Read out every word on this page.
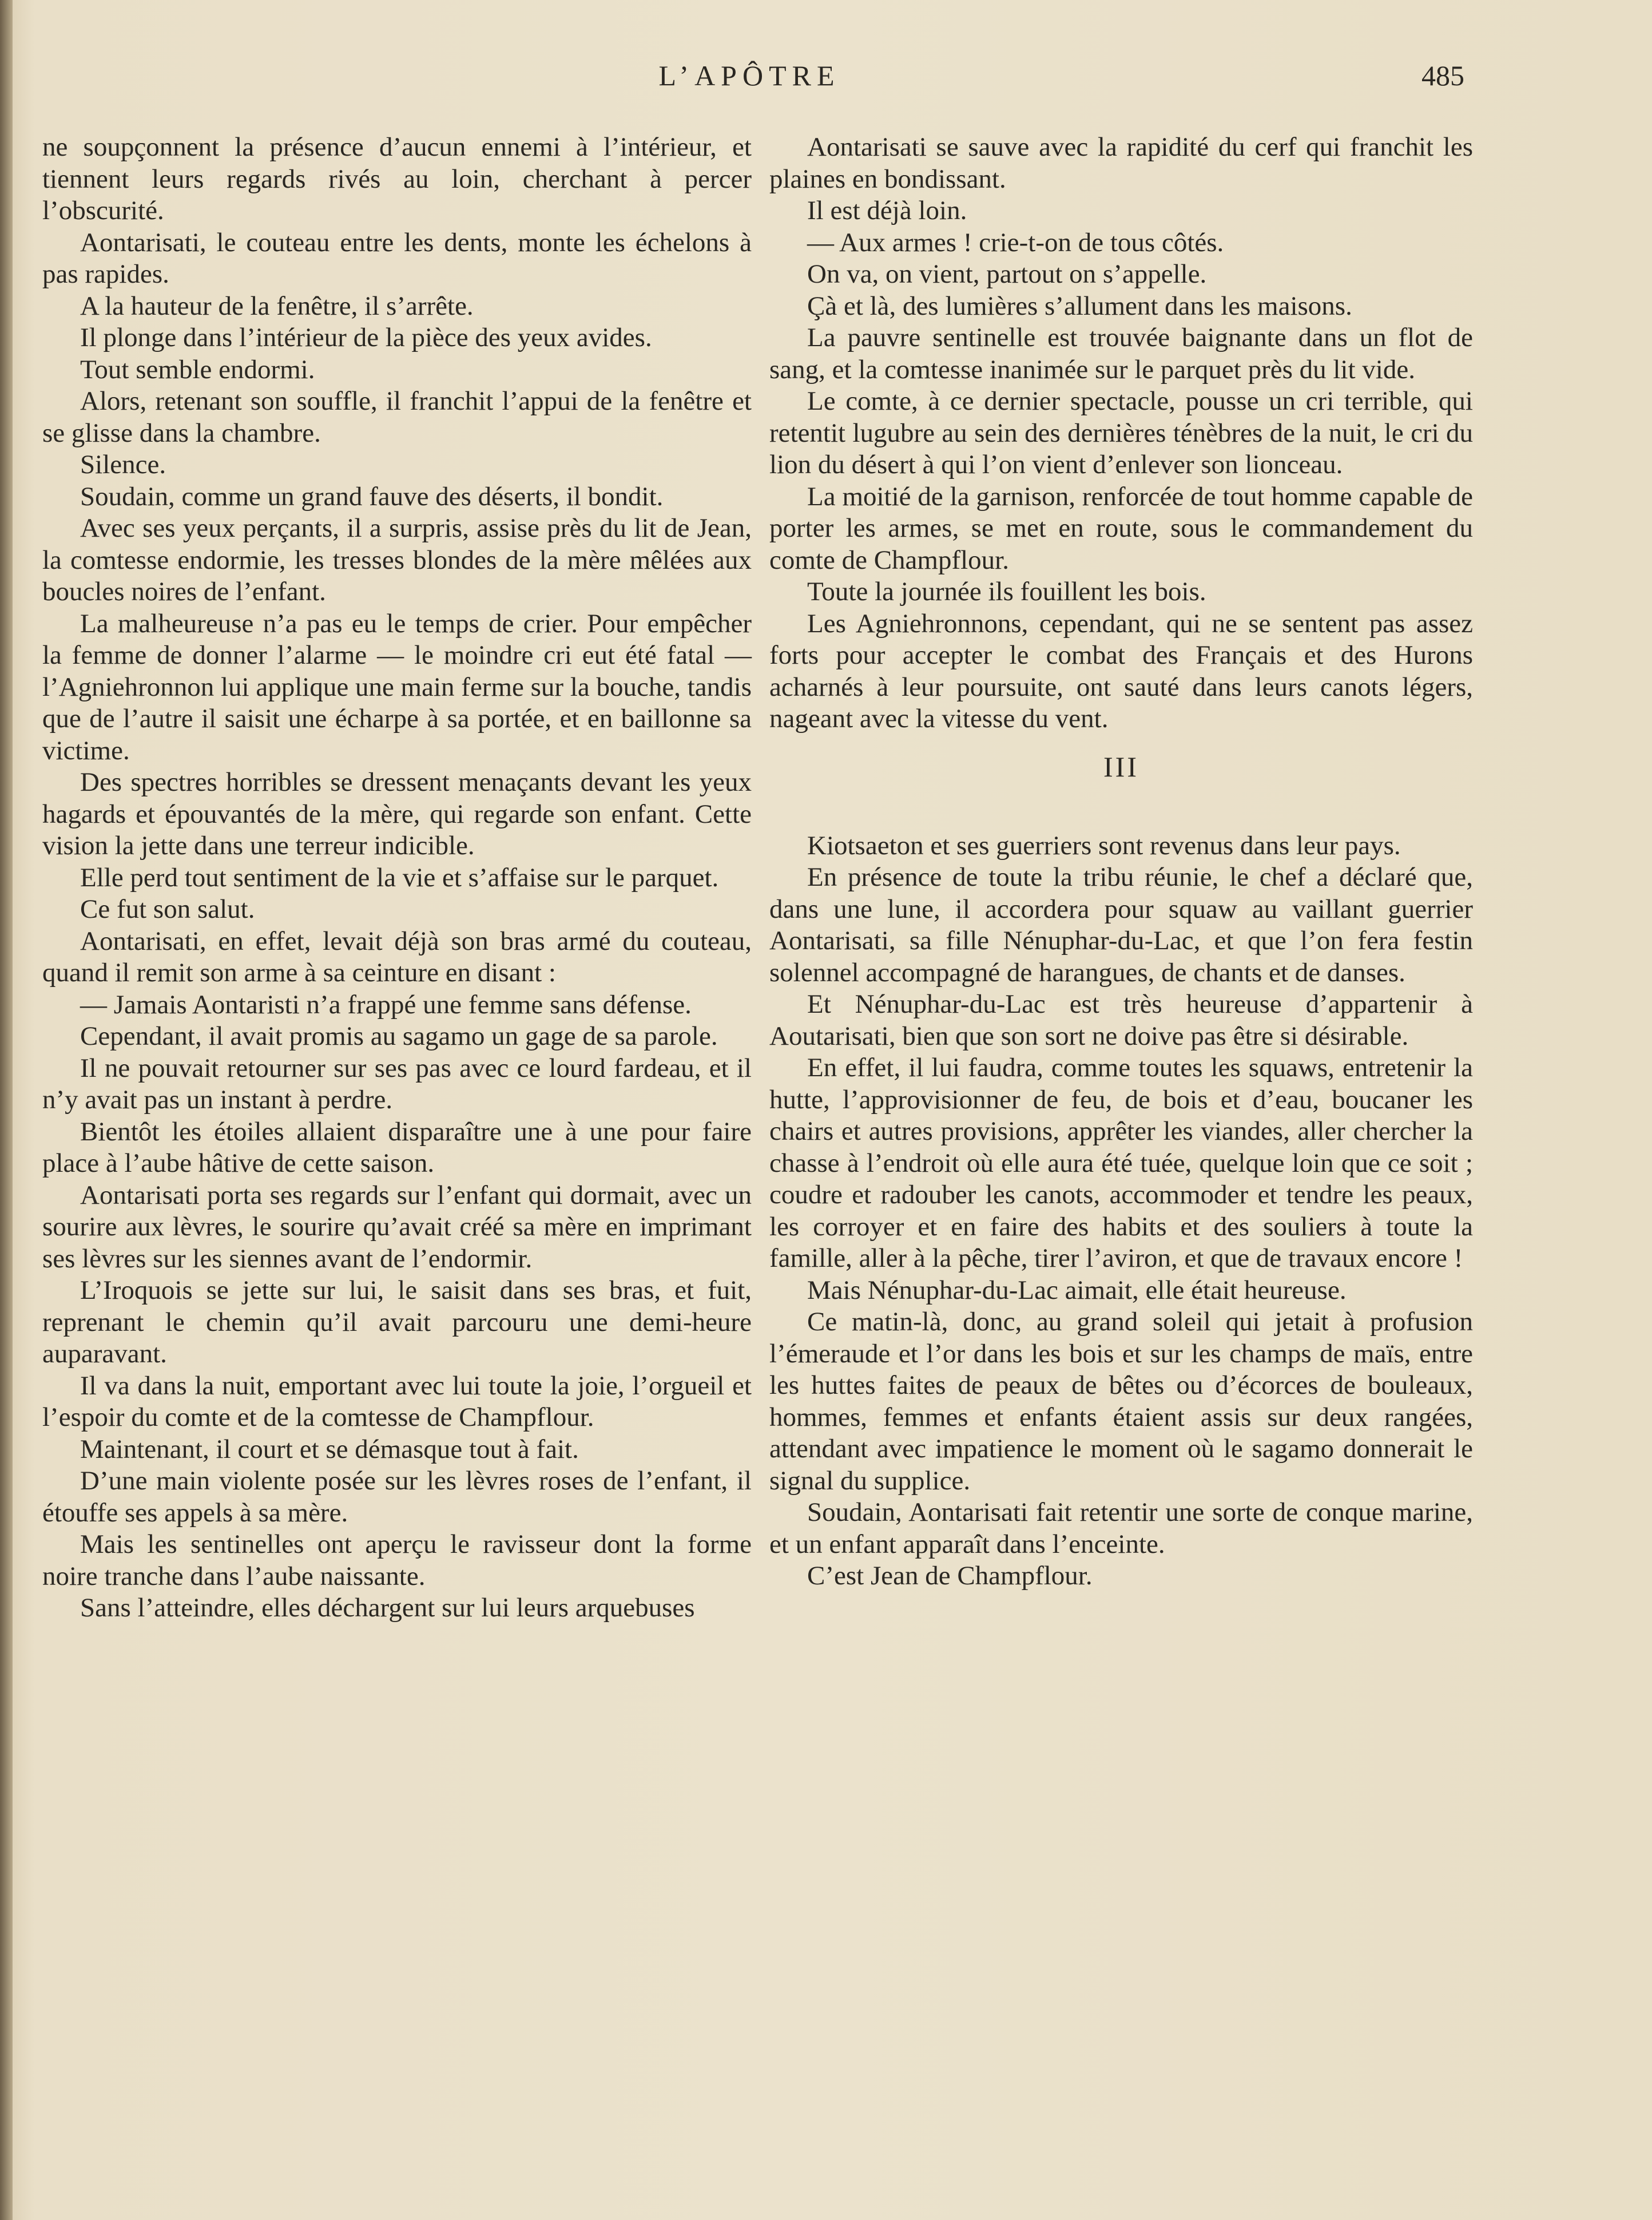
L’APÔTRE	485

ne soupçonnent la présence d’aucun ennemi à l’intérieur, et tiennent leurs regards rivés au loin, cherchant à percer l’obscurité.

Aontarisati, le couteau entre les dents, monte les échelons à pas rapides.

A la hauteur de la fenêtre, il s’arrête.

Il plonge dans l’intérieur de la pièce des yeux avides.

Tout semble endormi.

Alors, retenant son souffle, il franchit l’appui de la fenêtre et se glisse dans la chambre.

Silence.

Soudain, comme un grand fauve des déserts, il bondit.

Avec ses yeux perçants, il a surpris, assise près du lit de Jean, la comtesse endormie, les tresses blondes de la mère mêlées aux boucles noires de l’enfant.

La malheureuse n’a pas eu le temps de crier. Pour empêcher la femme de donner l’alarme — le moindre cri eut été fatal — l’Agniehronnon lui applique une main ferme sur la bouche, tandis que de l’autre il saisit une écharpe à sa portée, et en baillonne sa victime.

Des spectres horribles se dressent menaçants devant les yeux hagards et épouvantés de la mère, qui regarde son enfant. Cette vision la jette dans une terreur indicible.

Elle perd tout sentiment de la vie et s’affaise sur le parquet.

Ce fut son salut.

Aontarisati, en effet, levait déjà son bras armé du couteau, quand il remit son arme à sa ceinture en disant :

— Jamais Aontaristi n’a frappé une femme sans défense.

Cependant, il avait promis au sagamo un gage de sa parole.

Il ne pouvait retourner sur ses pas avec ce lourd fardeau, et il n’y avait pas un instant à perdre.

Bientôt les étoiles allaient disparaître une à une pour faire place à l’aube hâtive de cette saison.

Aontarisati porta ses regards sur l’enfant qui dormait, avec un sourire aux lèvres, le sourire qu’avait créé sa mère en imprimant ses lèvres sur les siennes avant de l’endormir.

L’Iroquois se jette sur lui, le saisit dans ses bras, et fuit, reprenant le chemin qu’il avait parcouru une demi-heure auparavant.

Il va dans la nuit, emportant avec lui toute la joie, l’orgueil et l’espoir du comte et de la comtesse de Champflour.

Maintenant, il court et se démasque tout à fait.

D’une main violente posée sur les lèvres roses de l’enfant, il étouffe ses appels à sa mère.

Mais les sentinelles ont aperçu le ravisseur dont la forme noire tranche dans l’aube naissante.

Sans l’atteindre, elles déchargent sur lui leurs arquebuses

Aontarisati se sauve avec la rapidité du cerf qui franchit les plaines en bondissant.

Il est déjà loin.

— Aux armes ! crie-t-on de tous côtés.

On va, on vient, partout on s’appelle.

Çà et là, des lumières s’allument dans les maisons.

La pauvre sentinelle est trouvée baignante dans un flot de sang, et la comtesse inanimée sur le parquet près du lit vide.

Le comte, à ce dernier spectacle, pousse un cri terrible, qui retentit lugubre au sein des dernières ténèbres de la nuit, le cri du lion du désert à qui l’on vient d’enlever son lionceau.

La moitié de la garnison, renforcée de tout homme capable de porter les armes, se met en route, sous le commandement du comte de Champflour.

Toute la journée ils fouillent les bois.

Les Agniehronnons, cependant, qui ne se sentent pas assez forts pour accepter le combat des Français et des Hurons acharnés à leur poursuite, ont sauté dans leurs canots légers, nageant avec la vitesse du vent.

III

Kiotsaeton et ses guerriers sont revenus dans leur pays.

En présence de toute la tribu réunie, le chef a déclaré que, dans une lune, il accordera pour squaw au vaillant guerrier Aontarisati, sa fille Nénuphar-du-Lac, et que l’on fera festin solennel accompagné de harangues, de chants et de danses.

Et Nénuphar-du-Lac est très heureuse d’appartenir à Aoutarisati, bien que son sort ne doive pas être si désirable.

En effet, il lui faudra, comme toutes les squaws, entretenir la hutte, l’approvisionner de feu, de bois et d’eau, boucaner les chairs et autres provisions, apprêter les viandes, aller chercher la chasse à l’endroit où elle aura été tuée, quelque loin que ce soit ; coudre et radouber les canots, accommoder et tendre les peaux, les corroyer et en faire des habits et des souliers à toute la famille, aller à la pêche, tirer l’aviron, et que de travaux encore !

Mais Nénuphar-du-Lac aimait, elle était heureuse.

Ce matin-là, donc, au grand soleil qui jetait à profusion l’émeraude et l’or dans les bois et sur les champs de maïs, entre les huttes faites de peaux de bêtes ou d’écorces de bouleaux, hommes, femmes et enfants étaient assis sur deux rangées, attendant avec impatience le moment où le sagamo donnerait le signal du supplice.

Soudain, Aontarisati fait retentir une sorte de conque marine, et un enfant apparaît dans l’enceinte.

C’est Jean de Champflour.
